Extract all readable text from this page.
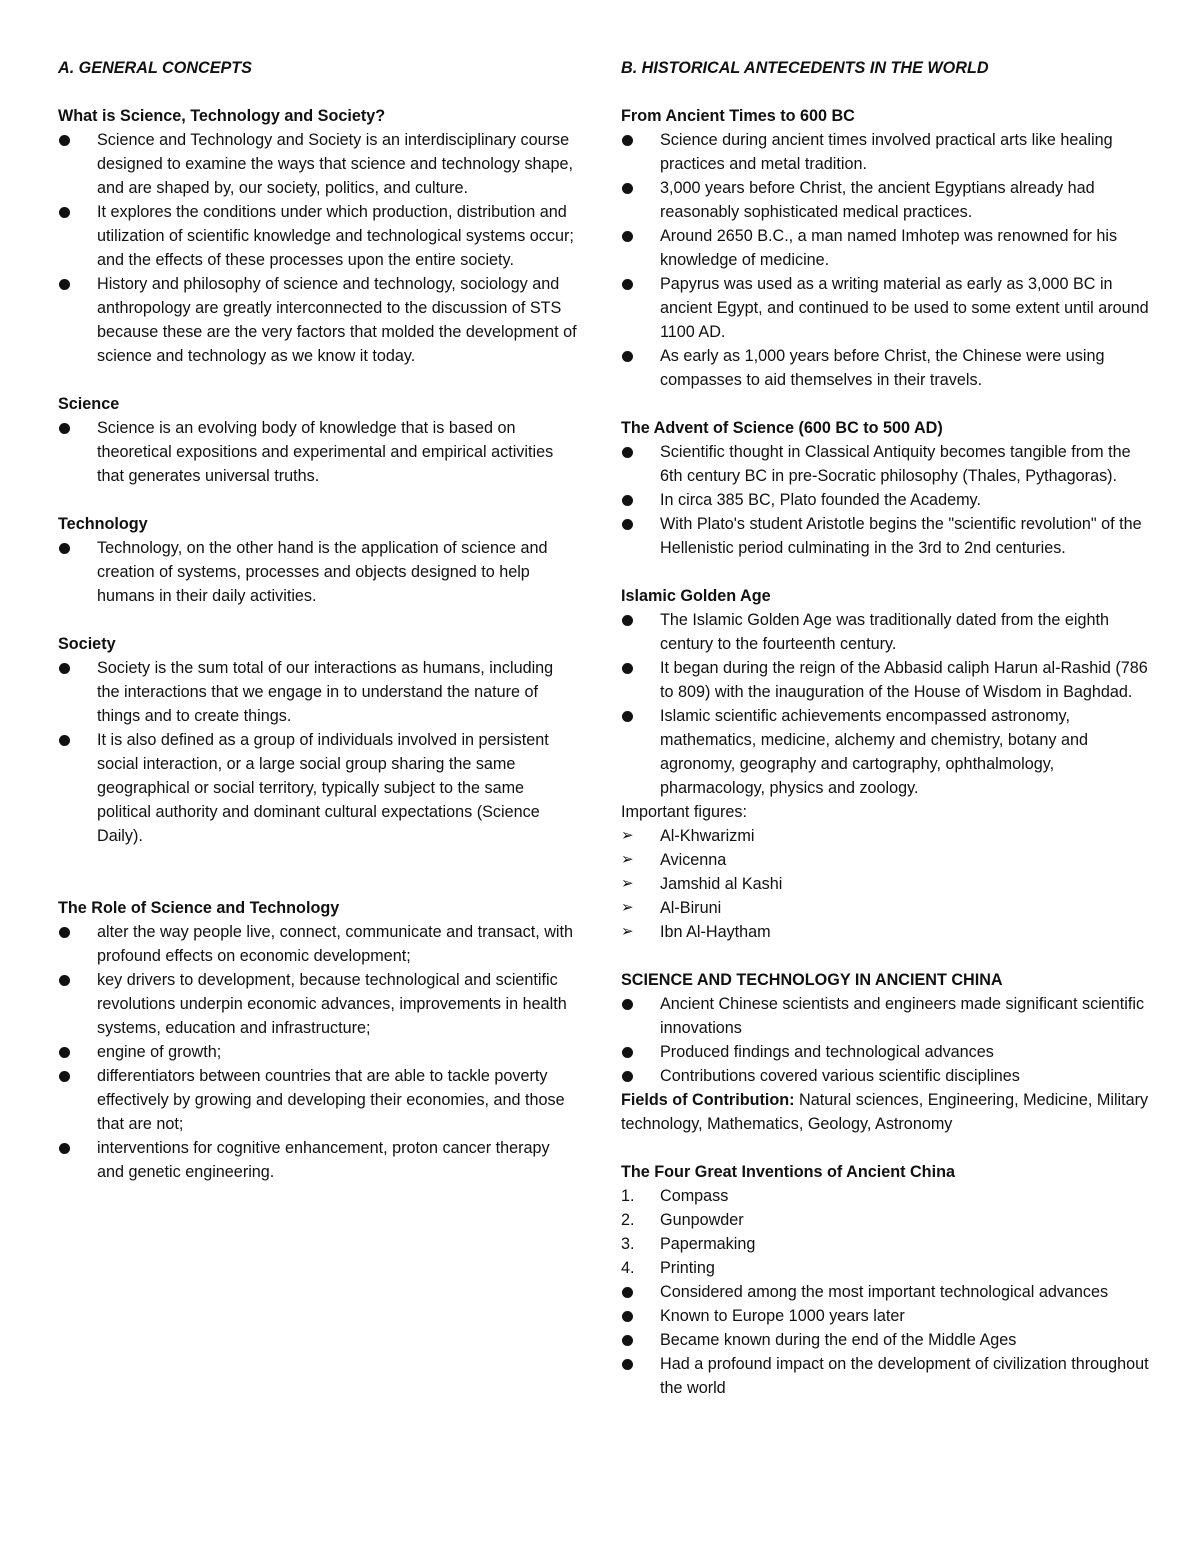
A. GENERAL CONCEPTS
What is Science, Technology and Society?
Science and Technology and Society is an interdisciplinary course designed to examine the ways that science and technology shape, and are shaped by, our society, politics, and culture.
It explores the conditions under which production, distribution and utilization of scientific knowledge and technological systems occur; and the effects of these processes upon the entire society.
History and philosophy of science and technology, sociology and anthropology are greatly interconnected to the discussion of STS because these are the very factors that molded the development of science and technology as we know it today.
Science
Science is an evolving body of knowledge that is based on theoretical expositions and experimental and empirical activities that generates universal truths.
Technology
Technology, on the other hand is the application of science and creation of systems, processes and objects designed to help humans in their daily activities.
Society
Society is the sum total of our interactions as humans, including the interactions that we engage in to understand the nature of things and to create things.
It is also defined as a group of individuals involved in persistent social interaction, or a large social group sharing the same geographical or social territory, typically subject to the same political authority and dominant cultural expectations (Science Daily).
The Role of Science and Technology
alter the way people live, connect, communicate and transact, with profound effects on economic development;
key drivers to development, because technological and scientific revolutions underpin economic advances, improvements in health systems, education and infrastructure;
engine of growth;
differentiators between countries that are able to tackle poverty effectively by growing and developing their economies, and those that are not;
interventions for cognitive enhancement, proton cancer therapy and genetic engineering.
B. HISTORICAL ANTECEDENTS IN THE WORLD
From Ancient Times to 600 BC
Science during ancient times involved practical arts like healing practices and metal tradition.
3,000 years before Christ, the ancient Egyptians already had reasonably sophisticated medical practices.
Around 2650 B.C., a man named Imhotep was renowned for his knowledge of medicine.
Papyrus was used as a writing material as early as 3,000 BC in ancient Egypt, and continued to be used to some extent until around 1100 AD.
As early as 1,000 years before Christ, the Chinese were using compasses to aid themselves in their travels.
The Advent of Science (600 BC to 500 AD)
Scientific thought in Classical Antiquity becomes tangible from the 6th century BC in pre-Socratic philosophy (Thales, Pythagoras).
In circa 385 BC, Plato founded the Academy.
With Plato's student Aristotle begins the "scientific revolution" of the Hellenistic period culminating in the 3rd to 2nd centuries.
Islamic Golden Age
The Islamic Golden Age was traditionally dated from the eighth century to the fourteenth century.
It began during the reign of the Abbasid caliph Harun al-Rashid (786 to 809) with the inauguration of the House of Wisdom in Baghdad.
Islamic scientific achievements encompassed astronomy, mathematics, medicine, alchemy and chemistry, botany and agronomy, geography and cartography, ophthalmology, pharmacology, physics and zoology.
Important figures:
➢ Al-Khwarizmi
➢ Avicenna
➢ Jamshid al Kashi
➢ Al-Biruni
➢ Ibn Al-Haytham
SCIENCE AND TECHNOLOGY IN ANCIENT CHINA
Ancient Chinese scientists and engineers made significant scientific innovations
Produced findings and technological advances
Contributions covered various scientific disciplines
Fields of Contribution: Natural sciences, Engineering, Medicine, Military technology, Mathematics, Geology, Astronomy
The Four Great Inventions of Ancient China
1. Compass
2. Gunpowder
3. Papermaking
4. Printing
Considered among the most important technological advances
Known to Europe 1000 years later
Became known during the end of the Middle Ages
Had a profound impact on the development of civilization throughout the world
